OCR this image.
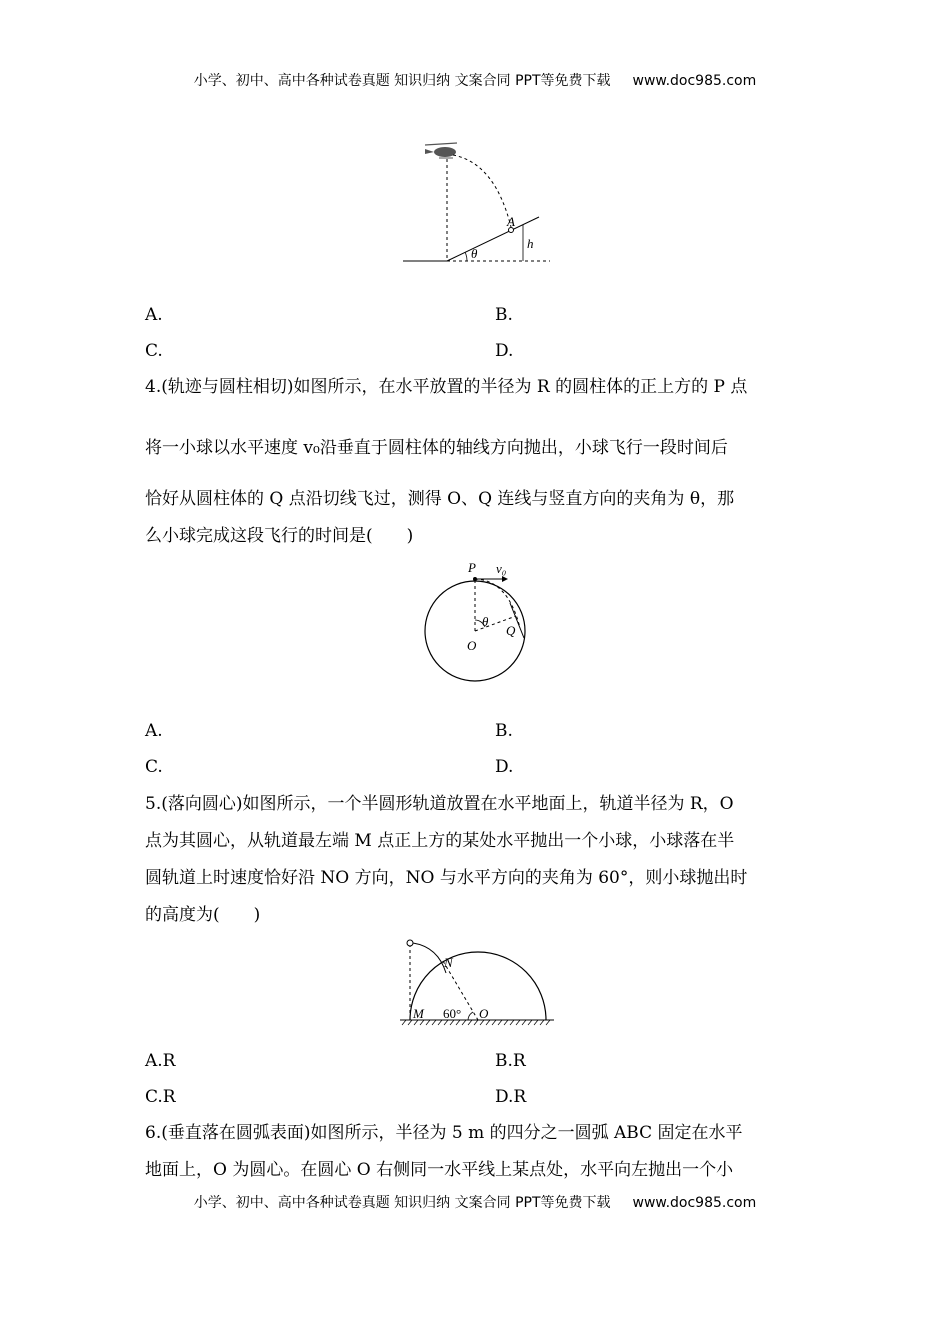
小学、初中、高中各种试卷真题 知识归纳 文案合同 PPT等免费下载 www.doc985.com
A
h
θ
A.	B.
C.	D.
4.(轨迹与圆柱相切)如图所示，在水平放置的半径为 R 的圆柱体的正上方的 P 点
将一小球以水平速度 v₀沿垂直于圆柱体的轴线方向抛出，小球飞行一段时间后
恰好从圆柱体的 Q 点沿切线飞过，测得 O、Q 连线与竖直方向的夹角为 θ，那
么小球完成这段飞行的时间是(　　)
P v₀
θ
Q
O
A.	B.
C.	D.
5.(落向圆心)如图所示，一个半圆形轨道放置在水平地面上，轨道半径为 R，O
点为其圆心，从轨道最左端 M 点正上方的某处水平抛出一个小球，小球落在半
圆轨道上时速度恰好沿 NO 方向，NO 与水平方向的夹角为 60°，则小球抛出时
的高度为(　　)
N
M 60° O
A.R	B.R
C.R	D.R
6.(垂直落在圆弧表面)如图所示，半径为 5 m 的四分之一圆弧 ABC 固定在水平
地面上，O 为圆心。在圆心 O 右侧同一水平线上某点处，水平向左抛出一个小
小学、初中、高中各种试卷真题 知识归纳 文案合同 PPT等免费下载 www.doc985.com
